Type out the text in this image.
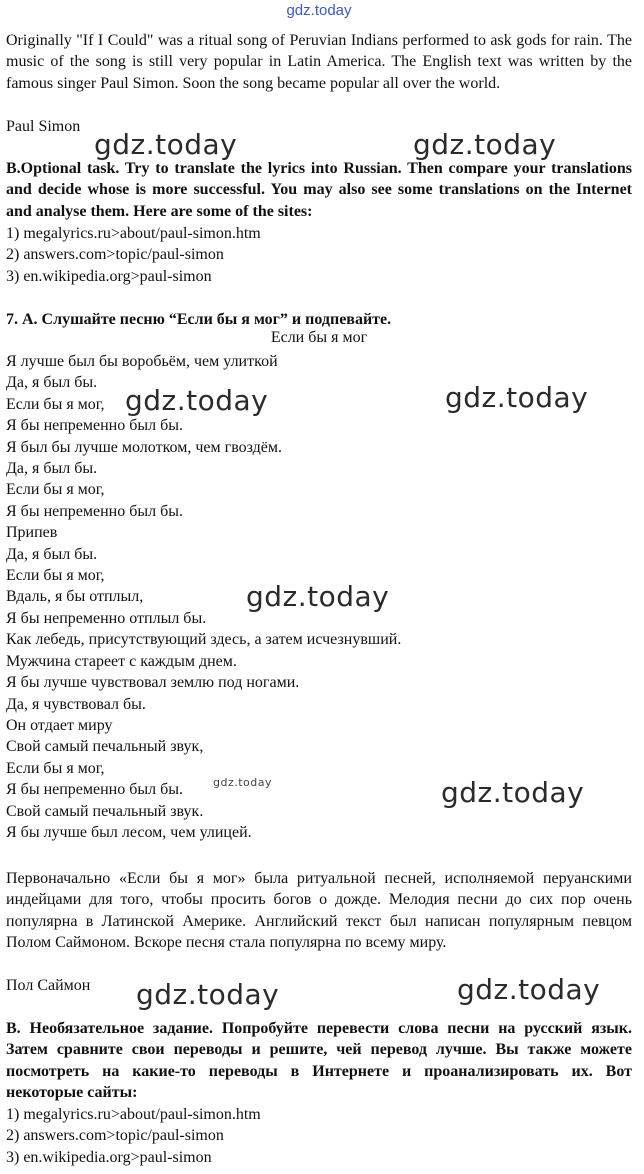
gdz.today
Originally "If I Could" was a ritual song of Peruvian Indians performed to ask gods for rain. The music of the song is still very popular in Latin America. The English text was written by the famous singer Paul Simon. Soon the song became popular all over the world.
Paul Simon
B.Optional task. Try to translate the lyrics into Russian. Then compare your translations and decide whose is more successful. You may also see some translations on the Internet and analyse them. Here are some of the sites:
1) megalyrics.ru>about/paul-simon.htm
2) answers.com>topic/paul-simon
3) en.wikipedia.org>paul-simon
7. А. Слушайте песню “Если бы я мог” и подпевайте.
Если бы я мог
Я лучше был бы воробьём, чем улиткой
Да, я был бы.
Если бы я мог,
Я бы непременно был бы.
Я был бы лучше молотком, чем гвоздём.
Да, я был бы.
Если бы я мог,
Я бы непременно был бы.
Припев
Да, я был бы.
Если бы я мог,
Вдаль, я бы отплыл,
Я бы непременно отплыл бы.
Как лебедь, присутствующий здесь, а затем исчезнувший.
Мужчина стареет с каждым днем.
Я бы лучше чувствовал землю под ногами.
Да, я чувствовал бы.
Он отдает миру
Свой самый печальный звук,
Если бы я мог,
Я бы непременно был бы.
Свой самый печальный звук.
Я бы лучше был лесом, чем улицей.
Первоначально «Если бы я мог» была ритуальной песней, исполняемой перуанскими индейцами для того, чтобы просить богов о дожде. Мелодия песни до сих пор очень популярна в Латинской Америке. Английский текст был написан популярным певцом Полом Саймоном. Вскоре песня стала популярна по всему миру.
Пол Саймон
В. Необязательное задание. Попробуйте перевести слова песни на русский язык. Затем сравните свои переводы и решите, чей перевод лучше. Вы также можете посмотреть на какие-то переводы в Интернете и проанализировать их. Вот некоторые сайты:
1) megalyrics.ru>about/paul-simon.htm
2) answers.com>topic/paul-simon
3) en.wikipedia.org>paul-simon
gdz.today	gdz.today
gdz.today	gdz.today
gdz.today
gdz.today	gdz.today
gdz.today	gdz.today
